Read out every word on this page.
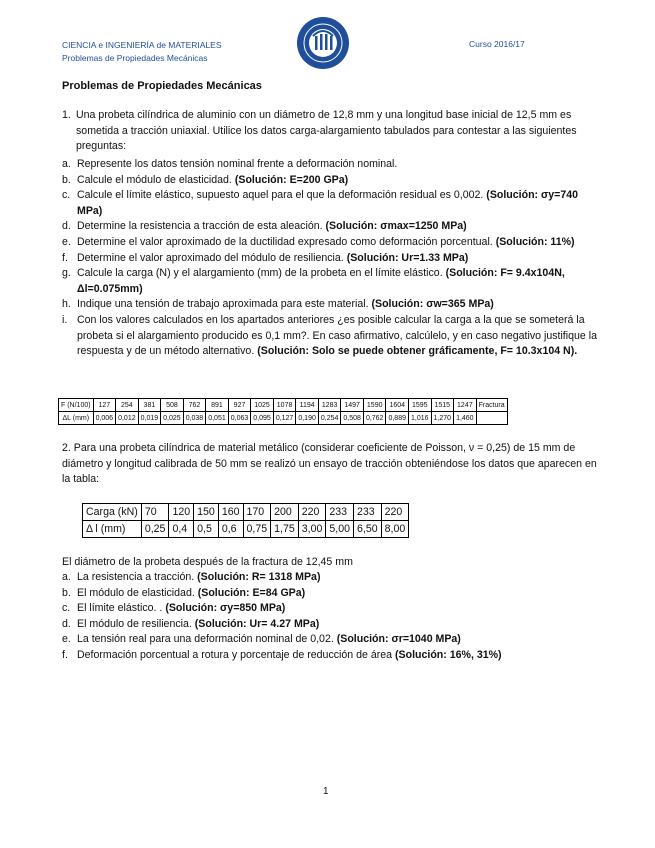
CIENCIA e INGENIERÍA de MATERIALES
Problemas de Propiedades Mecánicas
Curso 2016/17
Problemas de Propiedades Mecánicas
1. Una probeta cilíndrica de aluminio con un diámetro de 12,8 mm y una longitud base inicial de 12,5 mm es sometida a tracción uniaxial. Utilice los datos carga-alargamiento tabulados para contestar a las siguientes preguntas:
a. Represente los datos tensión nominal frente a deformación nominal.
b. Calcule el módulo de elasticidad. (Solución: E=200 GPa)
c. Calcule el límite elástico, supuesto aquel para el que la deformación residual es 0,002. (Solución: σy=740 MPa)
d. Determine la resistencia a tracción de esta aleación. (Solución: σmax=1250 MPa)
e. Determine el valor aproximado de la ductilidad expresado como deformación porcentual. (Solución: 11%)
f. Determine el valor aproximado del módulo de resiliencia. (Solución: Ur=1.33 MPa)
g. Calcule la carga (N) y el alargamiento (mm) de la probeta en el límite elástico. (Solución: F= 9.4x104N, Δl=0.075mm)
h. Indique una tensión de trabajo aproximada para este material. (Solución: σw=365 MPa)
i. Con los valores calculados en los apartados anteriores ¿es posible calcular la carga a la que se someterá la probeta si el alargamiento producido es 0,1 mm?. En caso afirmativo, calcúlelo, y en caso negativo justifique la respuesta y de un método alternativo. (Solución: Solo se puede obtener gráficamente, F= 10.3x104 N).
F (N/100)	127	254	381	508	762	891	927	1025	1078	1194	1283	1497	1590	1604	1595	1515	1247	Fractura
ΔL (mm)	0,006	0,012	0,019	0,025	0,038	0,051	0,063	0,095	0,127	0,190	0,254	0,508	0,762	0,889	1,016	1,270	1,460	
2. Para una probeta cilíndrica de material metálico (considerar coeficiente de Poisson, ν = 0,25) de 15 mm de diámetro y longitud calibrada de 50 mm se realizó un ensayo de tracción obteniéndose los datos que aparecen en la tabla:
Carga (kN)	70	120	150	160	170	200	220	233	233	220
Δ l (mm)	0,25	0,4	0,5	0,6	0,75	1,75	3,00	5,00	6,50	8,00
El diámetro de la probeta después de la fractura de 12,45 mm
a. La resistencia a tracción. (Solución: R= 1318 MPa)
b. El módulo de elasticidad. (Solución: E=84 GPa)
c. El límite elástico. . (Solución: σy=850 MPa)
d. El módulo de resiliencia. (Solución: Ur= 4.27 MPa)
e. La tensión real para una deformación nominal de 0,02. (Solución: σr=1040 MPa)
f. Deformación porcentual a rotura y porcentaje de reducción de área (Solución: 16%, 31%)
1
